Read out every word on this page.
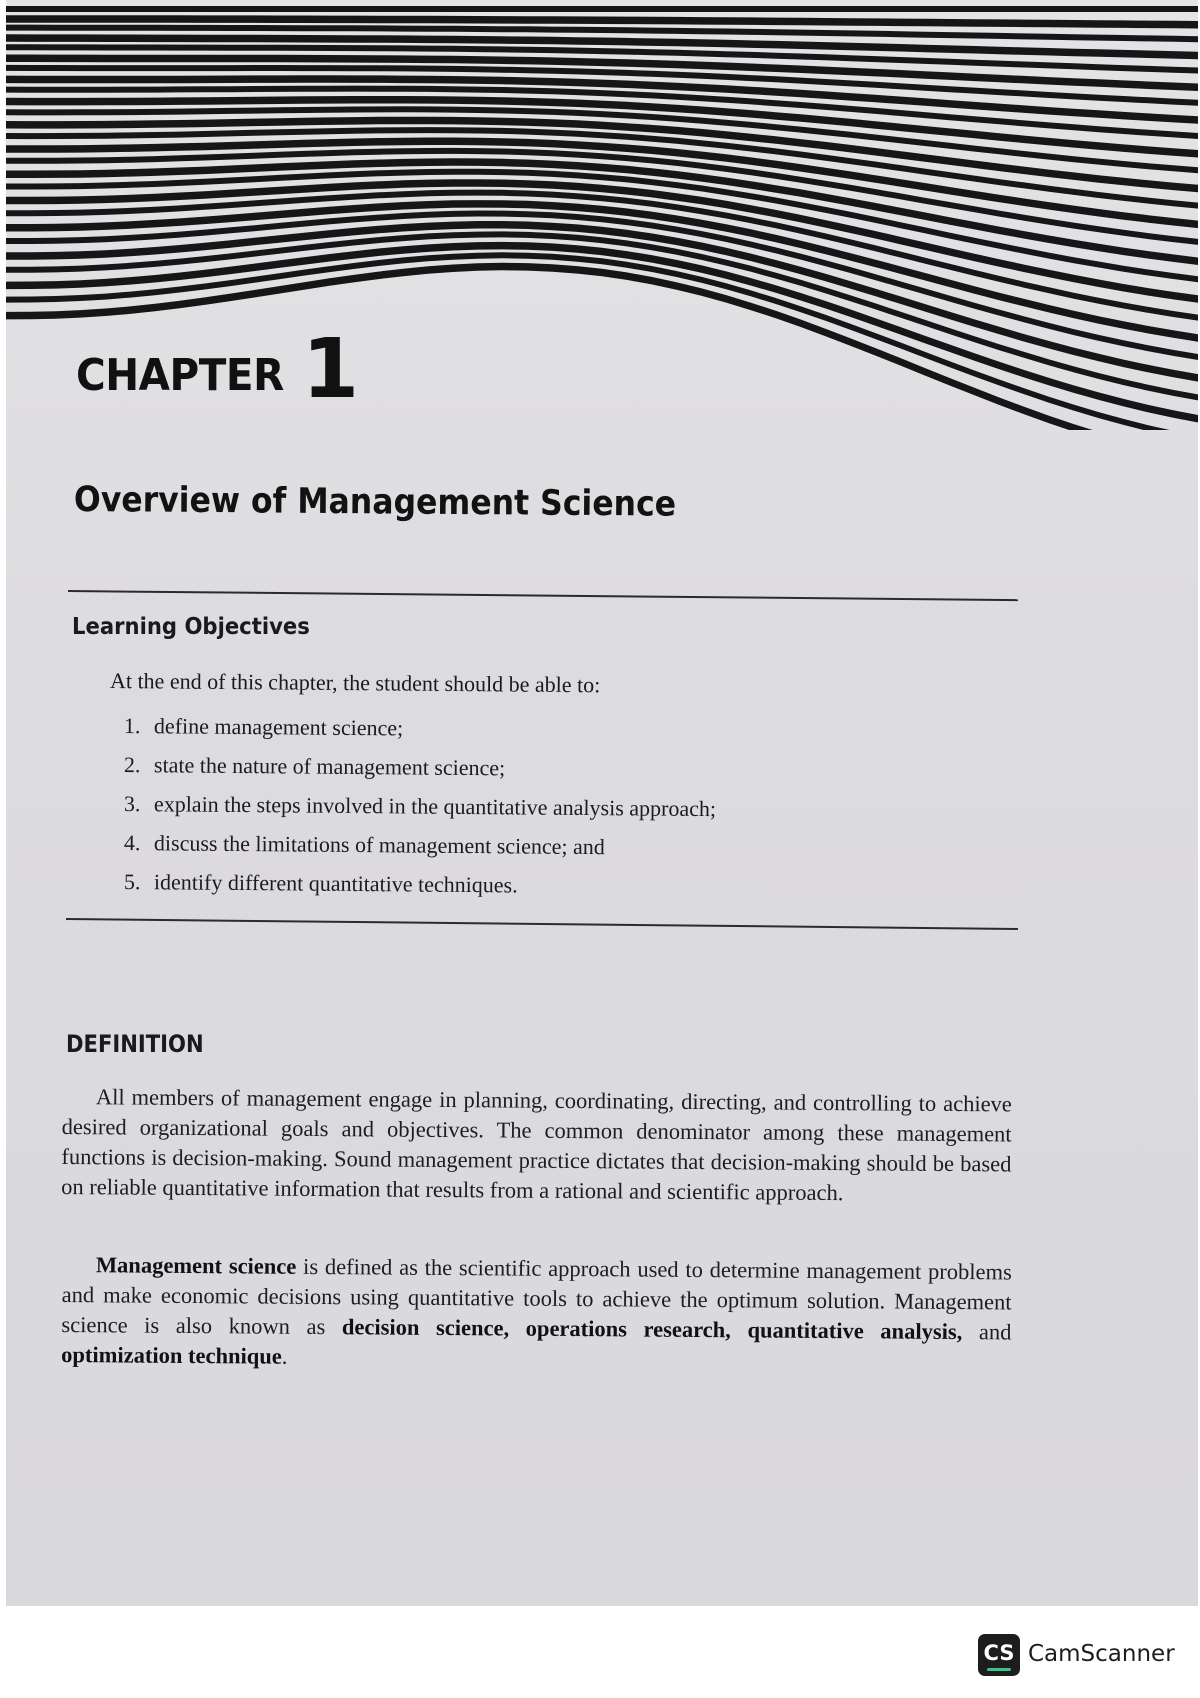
CHAPTER 1
Overview of Management Science
Learning Objectives
At the end of this chapter, the student should be able to:
1. define management science;
2. state the nature of management science;
3. explain the steps involved in the quantitative analysis approach;
4. discuss the limitations of management science; and
5. identify different quantitative techniques.
DEFINITION

All members of management engage in planning, coordinating, directing, and controlling to achieve desired organizational goals and objectives. The common denominator among these management functions is decision-making. Sound management practice dictates that decision-making should be based on reliable quantitative information that results from a rational and scientific approach.

Management science is defined as the scientific approach used to determine management problems and make economic decisions using quantitative tools to achieve the optimum solution. Management science is also known as decision science, operations research, quantitative analysis, and optimization technique.

CS CamScanner
